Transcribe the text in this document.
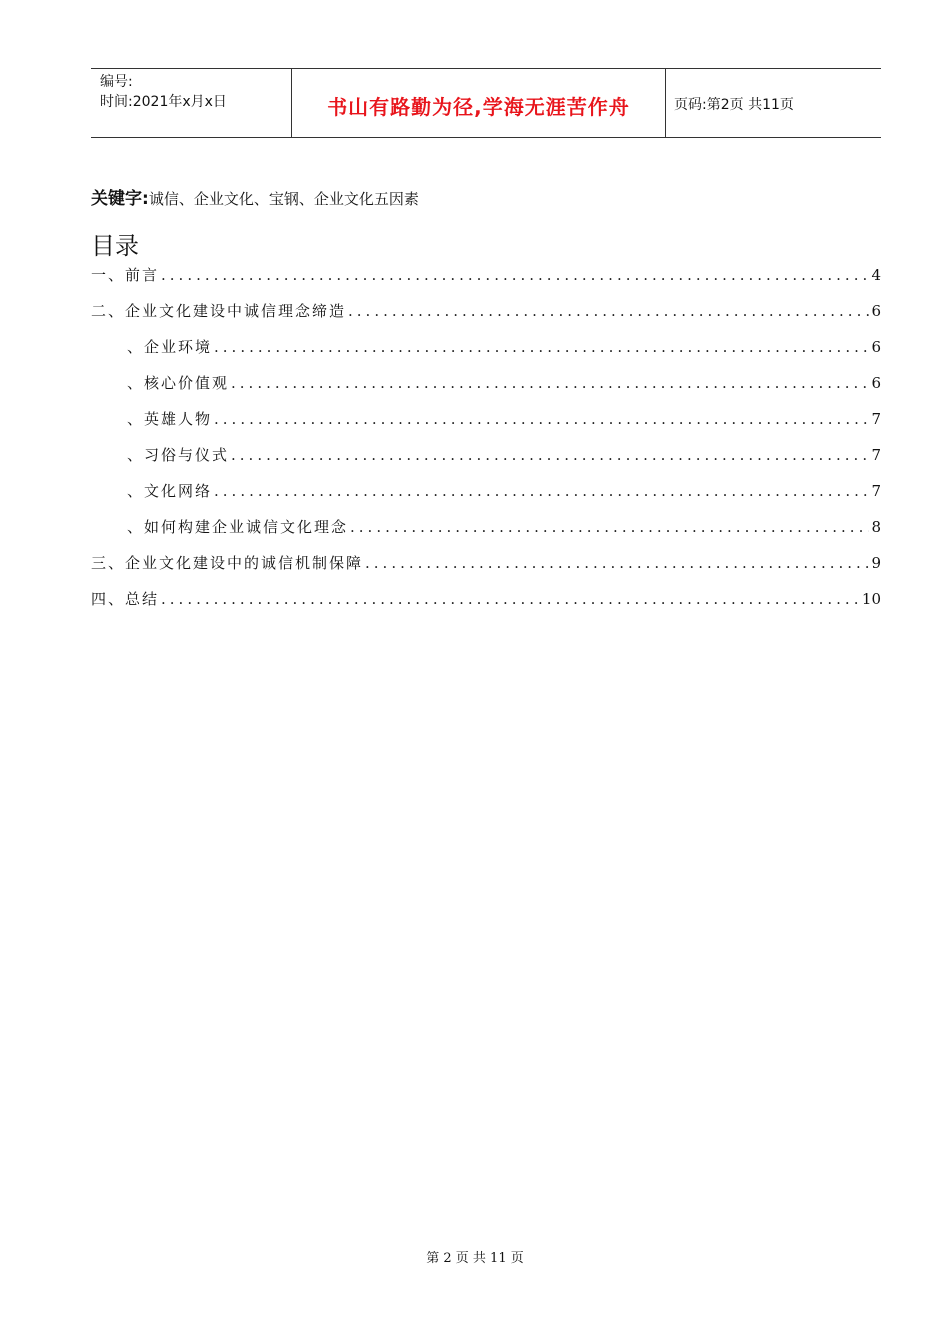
编号:
时间:2021年x月x日	书山有路勤为径,学海无涯苦作舟	页码:第2页 共11页
关键字:诚信、企业文化、宝钢、企业文化五因素
目录
一、前言 .....	4
二、企业文化建设中诚信理念缔造 .....	6
、企业环境 .....	6
、核心价值观 .....	6
、英雄人物 .....	7
、习俗与仪式 .....	7
、文化网络 .....	7
、如何构建企业诚信文化理念 .....	8
三、企业文化建设中的诚信机制保障 .....	9
四、总结 .....	10
第 2 页 共 11 页
